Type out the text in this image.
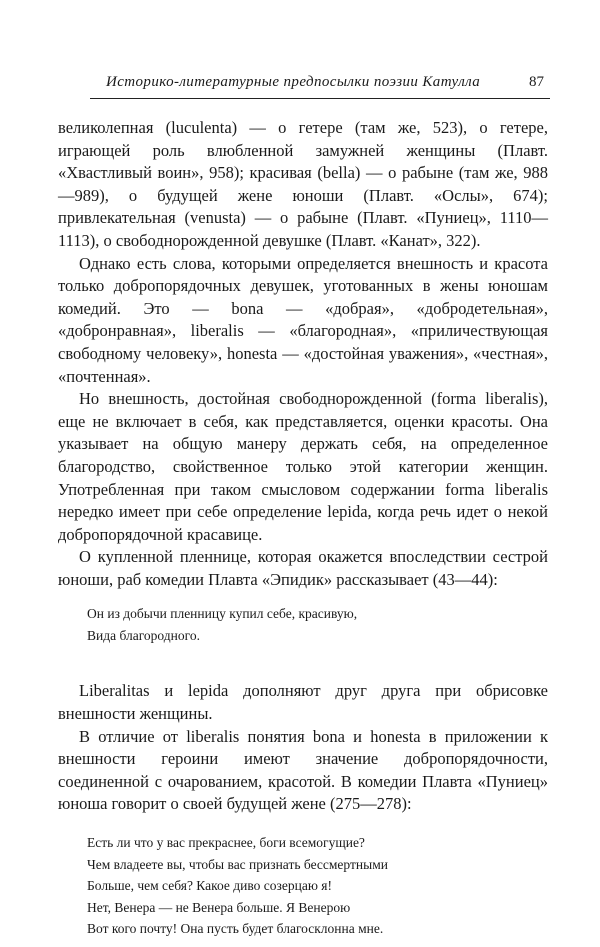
Историко-литературные предпосылки поэзии Катулла	87

великолепная (luculenta) — о гетере (там же, 523), о гетере, играющей роль влюбленной замужней женщины (Плавт. «Хвастливый воин», 958); красивая (bella) — о рабыне (там же, 988—989), о будущей жене юноши (Плавт. «Ослы», 674); привлекательная (venusta) — о рабыне (Плавт. «Пуниец», 1110—1113), о свободнорожденной девушке (Плавт. «Канат», 322).

Однако есть слова, которыми определяется внешность и красота только добропорядочных девушек, уготованных в жены юношам комедий. Это — bona — «добрая», «добродетельная», «добронравная», liberalis — «благородная», «приличествующая свободному человеку», honesta — «достойная уважения», «честная», «почтенная».

Но внешность, достойная свободнорожденной (forma liberalis), еще не включает в себя, как представляется, оценки красоты. Она указывает на общую манеру держать себя, на определенное благородство, свойственное только этой категории женщин. Употребленная при таком смысловом содержании forma liberalis нередко имеет при себе определение lepida, когда речь идет о некой добропорядочной красавице.

О купленной пленнице, которая окажется впоследствии сестрой юноши, раб комедии Плавта «Эпидик» рассказывает (43—44):

Он из добычи пленницу купил себе, красивую,
Вида благородного.

Liberalitas и lepida дополняют друг друга при обрисовке внешности женщины.

В отличие от liberalis понятия bona и honesta в приложении к внешности героини имеют значение добропорядочности, соединенной с очарованием, красотой. В комедии Плавта «Пуниец» юноша говорит о своей будущей жене (275—278):

Есть ли что у вас прекраснее, боги всемогущие?
Чем владеете вы, чтобы вас признать бессмертными
Больше, чем себя? Какое диво созерцаю я!
Нет, Венера — не Венера больше. Я Венерою
Вот кого почту! Она пусть будет благосклонна мне.
